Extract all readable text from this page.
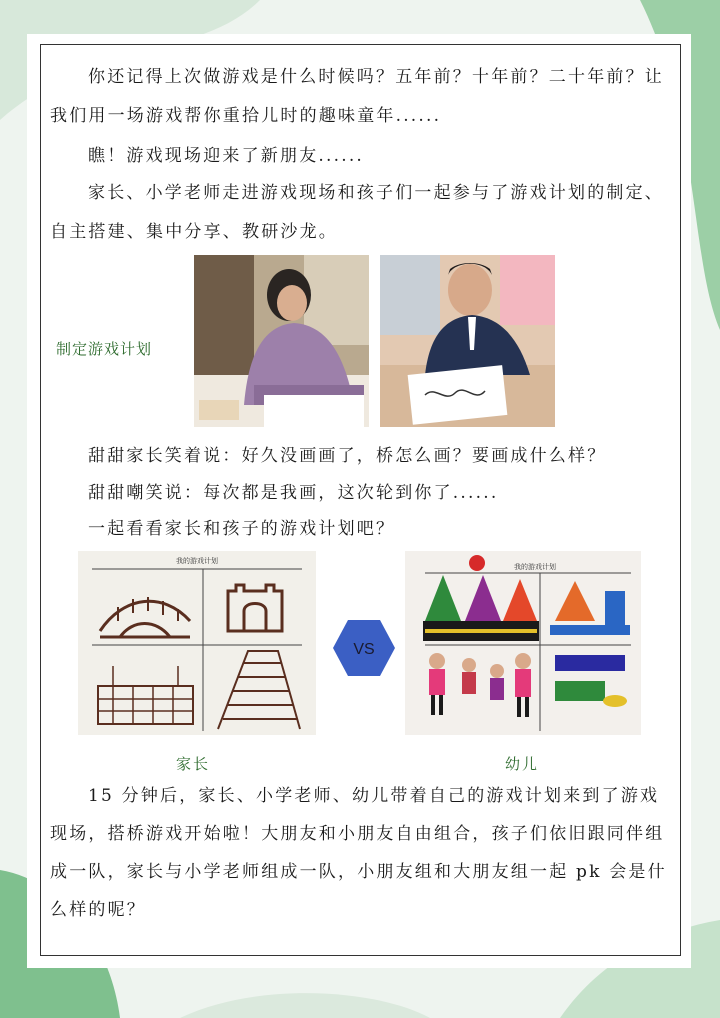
你还记得上次做游戏是什么时候吗？五年前？十年前？二十年前？让我们用一场游戏帮你重拾儿时的趣味童年......

瞧！游戏现场迎来了新朋友......

家长、小学老师走进游戏现场和孩子们一起参与了游戏计划的制定、自主搭建、集中分享、教研沙龙。

制定游戏计划

甜甜家长笑着说：好久没画画了，桥怎么画？要画成什么样？

甜甜嘲笑说：每次都是我画，这次轮到你了......

一起看看家长和孩子的游戏计划吧？

我的游戏计划
VS
我的游戏计划
家长	幼儿

15 分钟后，家长、小学老师、幼儿带着自己的游戏计划来到了游戏现场，搭桥游戏开始啦！大朋友和小朋友自由组合，孩子们依旧跟同伴组成一队，家长与小学老师组成一队，小朋友组和大朋友组一起 pk 会是什么样的呢？
